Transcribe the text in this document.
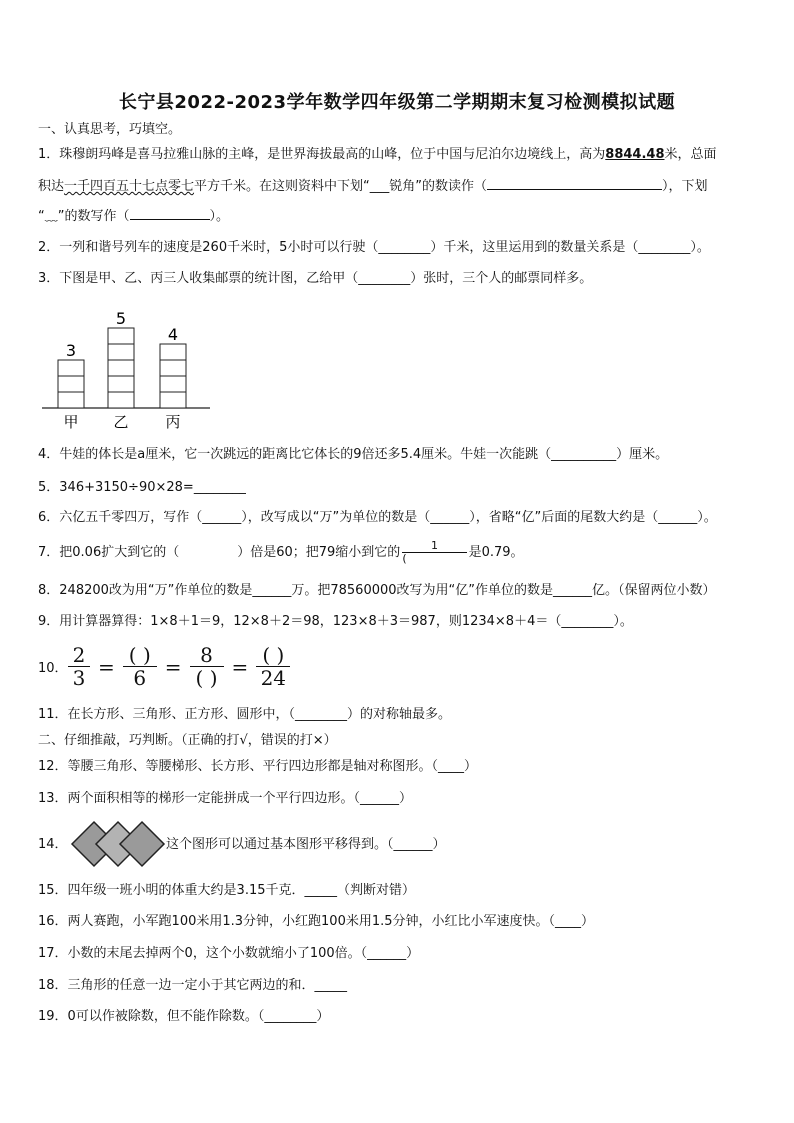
长宁县2022-2023学年数学四年级第二学期期末复习检测模拟试题
一、认真思考，巧填空。
1．珠穆朗玛峰是喜马拉雅山脉的主峰，是世界海拔最高的山峰，位于中国与尼泊尔边境线上，高为8844.48米，总面
积达一千四百五十七点零七平方千米。在这则资料中下划“___锐角”的数读作（	），下划
“﹏”的数写作（	）。
2．一列和谐号列车的速度是260千米时，5小时可以行驶（________）千米，这里运用到的数量关系是（________）。
3．下图是甲、乙、丙三人收集邮票的统计图，乙给甲（________）张时，三个人的邮票同样多。
3
甲
5
乙
4
丙
4．牛娃的体长是a厘米，它一次跳远的距离比它体长的9倍还多5.4厘米。牛娃一次能跳（__________）厘米。
5．346+3150÷90×28=________
6．六亿五千零四万，写作（______），改写成以“万”为单位的数是（______），省略“亿”后面的尾数大约是（______）。
7．把0.06扩大到它的（	）倍是60；把79缩小到它的 $\frac{1}{(}$ 是0.79。
8．248200改为用“万”作单位的数是______万。把78560000改写为用“亿”作单位的数是______亿。（保留两位小数）
9．用计算器算得：1×8＋1＝9，12×8＋2＝98，123×8＋3＝987，则1234×8＋4＝（________）。
10． $\frac{2}{3}$ = ( )
6 = 8
( ) = ( )
24
11．在长方形、三角形、正方形、圆形中，（________）的对称轴最多。
二、仔细推敲，巧判断。（正确的打√，错误的打×）
12．等腰三角形、等腰梯形、长方形、平行四边形都是轴对称图形。（____）
13．两个面积相等的梯形一定能拼成一个平行四边形。（______）
14．	这个图形可以通过基本图形平移得到。（______）
15．四年级一班小明的体重大约是3.15千克．_____（判断对错）
16．两人赛跑，小军跑100米用1.3分钟，小红跑100米用1.5分钟，小红比小军速度快。（____）
17．小数的末尾去掉两个0，这个小数就缩小了100倍。（______）
18．三角形的任意一边一定小于其它两边的和．_____
19．0可以作被除数，但不能作除数。（________）
